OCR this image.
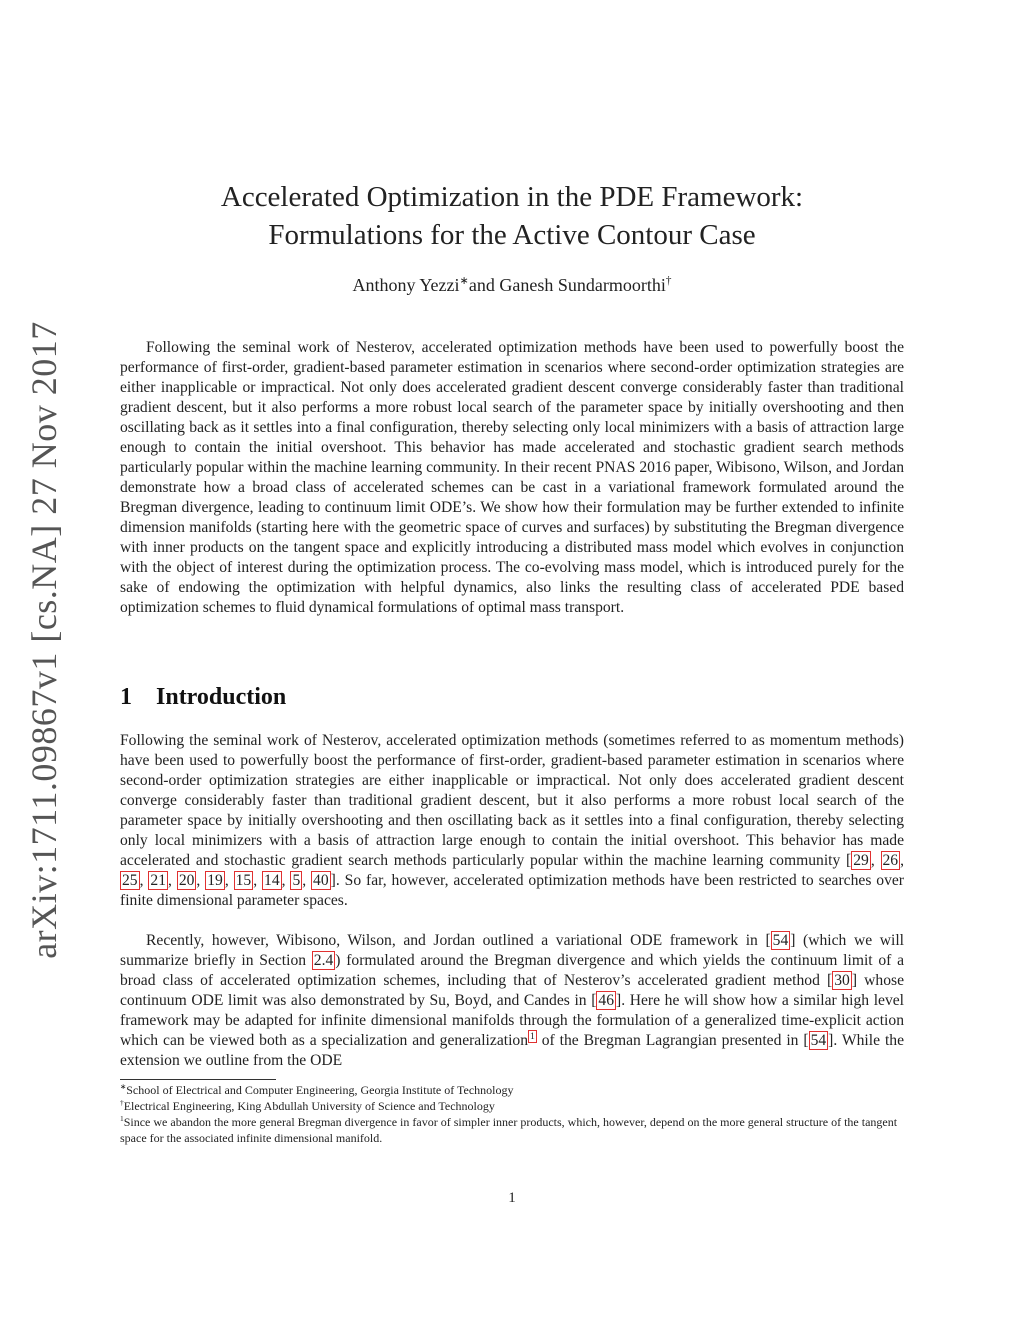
arXiv:1711.09867v1 [cs.NA] 27 Nov 2017
Accelerated Optimization in the PDE Framework:
Formulations for the Active Contour Case
Anthony Yezzi∗and Ganesh Sundarmoorthi†

Following the seminal work of Nesterov, accelerated optimization methods have been used to powerfully boost the performance of first-order, gradient-based parameter estimation in scenarios where second-order optimization strategies are either inapplicable or impractical. Not only does accelerated gradient descent converge considerably faster than traditional gradient descent, but it also performs a more robust local search of the parameter space by initially overshooting and then oscillating back as it settles into a final configuration, thereby selecting only local minimizers with a basis of attraction large enough to contain the initial overshoot. This behavior has made accelerated and stochastic gradient search methods particularly popular within the machine learning community. In their recent PNAS 2016 paper, Wibisono, Wilson, and Jordan demonstrate how a broad class of accelerated schemes can be cast in a variational framework formulated around the Bregman divergence, leading to continuum limit ODE’s. We show how their formulation may be further extended to infinite dimension manifolds (starting here with the geometric space of curves and surfaces) by substituting the Bregman divergence with inner products on the tangent space and explicitly introducing a distributed mass model which evolves in conjunction with the object of interest during the optimization process. The co-evolving mass model, which is introduced purely for the sake of endowing the optimization with helpful dynamics, also links the resulting class of accelerated PDE based optimization schemes to fluid dynamical formulations of optimal mass transport.

1 Introduction

Following the seminal work of Nesterov, accelerated optimization methods (sometimes referred to as momentum methods) have been used to powerfully boost the performance of first-order, gradient-based parameter estimation in scenarios where second-order optimization strategies are either inapplicable or impractical. Not only does accelerated gradient descent converge considerably faster than traditional gradient descent, but it also performs a more robust local search of the parameter space by initially overshooting and then oscillating back as it settles into a final configuration, thereby selecting only local minimizers with a basis of attraction large enough to contain the initial overshoot. This behavior has made accelerated and stochastic gradient search methods particularly popular within the machine learning community [ 29 , 26 , 25 , 21 , 20 , 19 , 15 , 14 , 5 , 40 ]. So far, however, accelerated optimization methods have been restricted to searches over finite dimensional parameter spaces.

Recently, however, Wibisono, Wilson, and Jordan outlined a variational ODE framework in [ 54 ] (which we will summarize briefly in Section 2.4 ) formulated around the Bregman divergence and which yields the continuum limit of a broad class of accelerated optimization schemes, including that of Nesterov’s accelerated gradient method [ 30 ] whose continuum ODE limit was also demonstrated by Su, Boyd, and Candes in [ 46 ]. Here he will show how a similar high level framework may be adapted for infinite dimensional manifolds through the formulation of a generalized time-explicit action which can be viewed both as a specialization and generalization $^1$ of the Bregman Lagrangian presented in [ 54 ]. While the extension we outline from the ODE

∗School of Electrical and Computer Engineering, Georgia Institute of Technology

†Electrical Engineering, King Abdullah University of Science and Technology

$^1$Since we abandon the more general Bregman divergence in favor of simpler inner products, which, however, depend on the more general structure of the tangent space for the associated infinite dimensional manifold.

1
